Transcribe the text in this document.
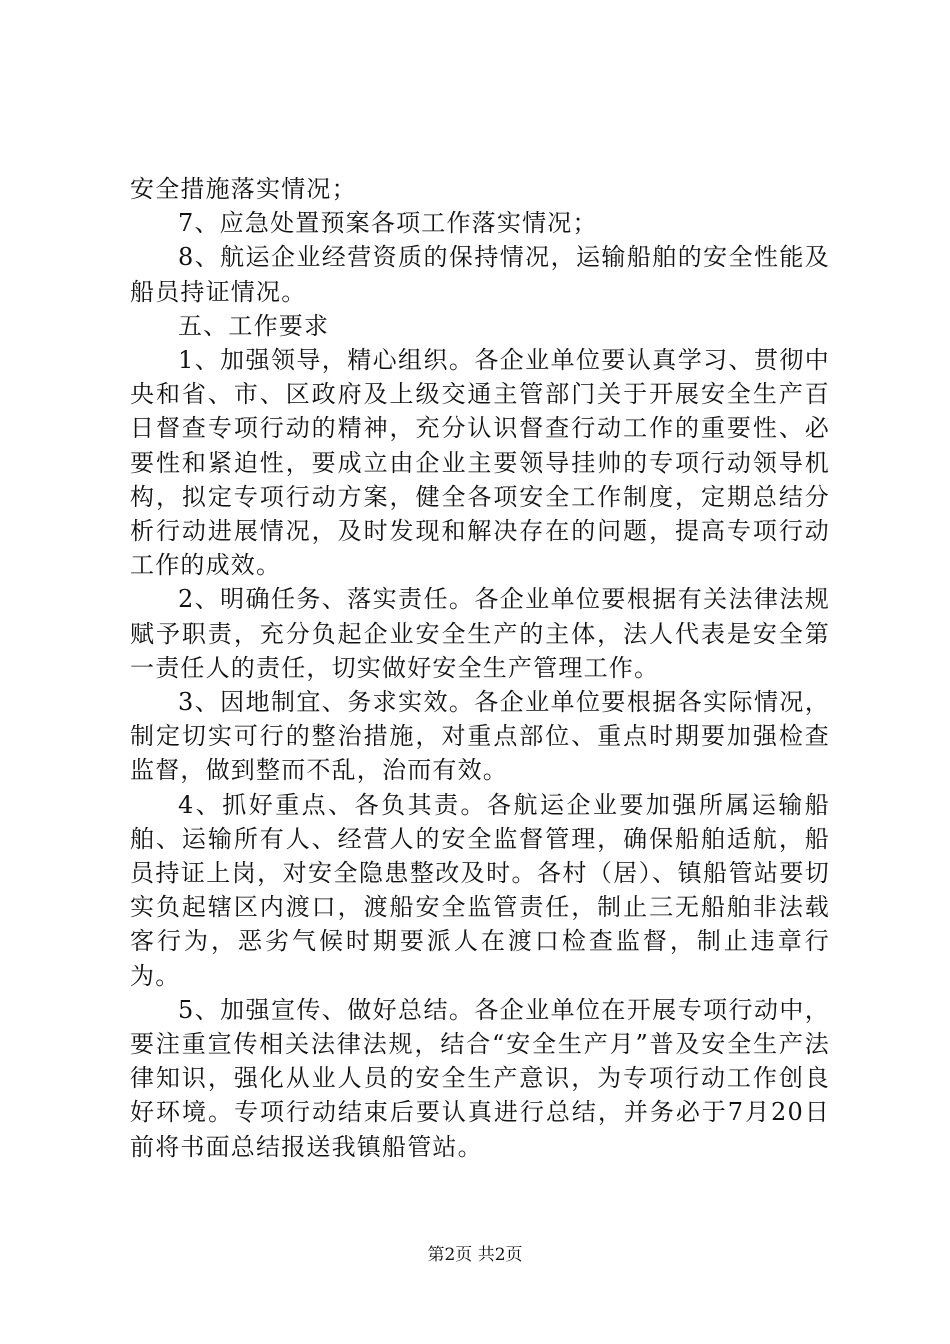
安全措施落实情况；

7、应急处置预案各项工作落实情况；

8、航运企业经营资质的保持情况，运输船舶的安全性能及船员持证情况。

五、工作要求

1、加强领导，精心组织。各企业单位要认真学习、贯彻中央和省、市、区政府及上级交通主管部门关于开展安全生产百日督查专项行动的精神，充分认识督查行动工作的重要性、必要性和紧迫性，要成立由企业主要领导挂帅的专项行动领导机构，拟定专项行动方案，健全各项安全工作制度，定期总结分析行动进展情况，及时发现和解决存在的问题，提高专项行动工作的成效。

2、明确任务、落实责任。各企业单位要根据有关法律法规赋予职责，充分负起企业安全生产的主体，法人代表是安全第一责任人的责任，切实做好安全生产管理工作。

3、因地制宜、务求实效。各企业单位要根据各实际情况，制定切实可行的整治措施，对重点部位、重点时期要加强检查监督，做到整而不乱，治而有效。

4、抓好重点、各负其责。各航运企业要加强所属运输船舶、运输所有人、经营人的安全监督管理，确保船舶适航，船员持证上岗，对安全隐患整改及时。各村（居）、镇船管站要切实负起辖区内渡口，渡船安全监管责任，制止三无船舶非法载客行为，恶劣气候时期要派人在渡口检查监督，制止违章行为。

5、加强宣传、做好总结。各企业单位在开展专项行动中，要注重宣传相关法律法规，结合“安全生产月”普及安全生产法律知识，强化从业人员的安全生产意识，为专项行动工作创良好环境。专项行动结束后要认真进行总结，并务必于7月20日前将书面总结报送我镇船管站。

第2页 共2页
